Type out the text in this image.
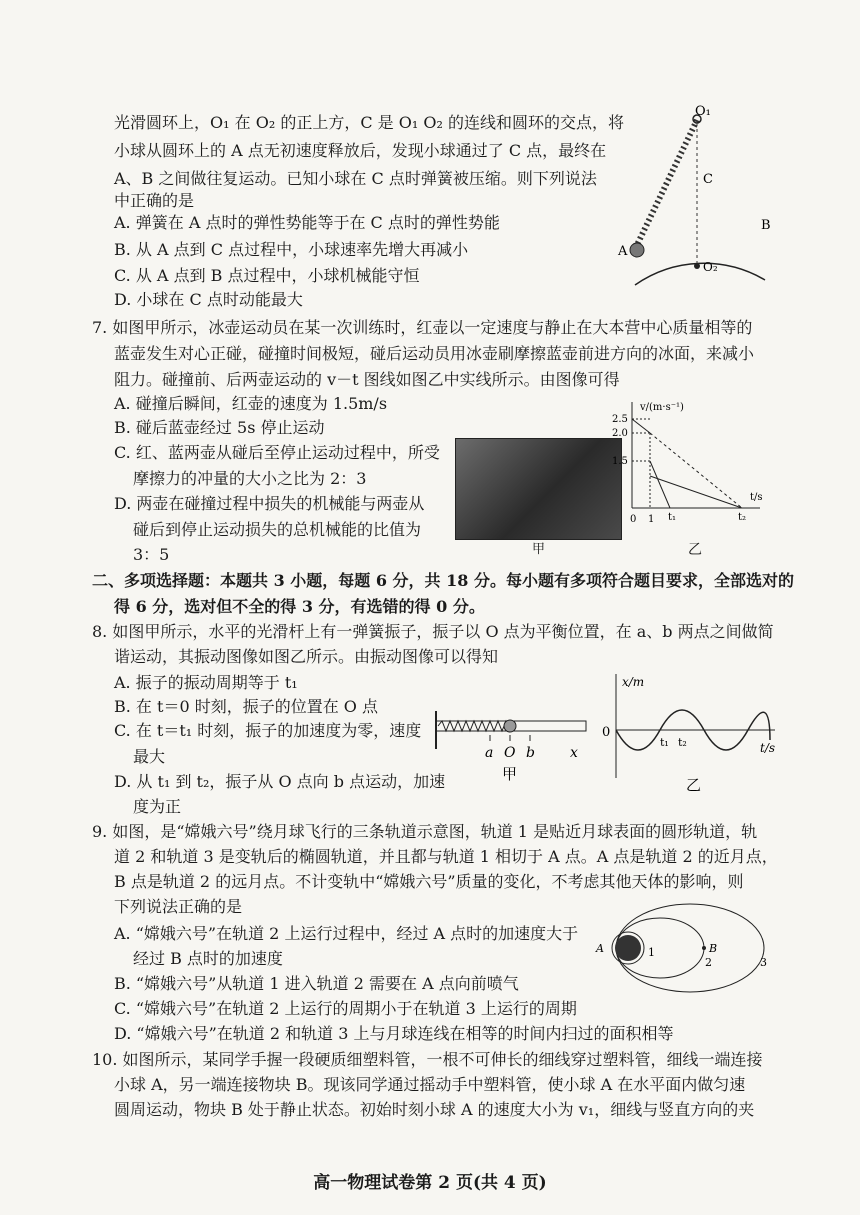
光滑圆环上，O₁ 在 O₂ 的正上方，C 是 O₁ O₂ 的连线和圆环的交点，将
小球从圆环上的 A 点无初速度释放后，发现小球通过了 C 点，最终在
A、B 之间做往复运动。已知小球在 C 点时弹簧被压缩。则下列说法
中正确的是
A. 弹簧在 A 点时的弹性势能等于在 C 点时的弹性势能
B. 从 A 点到 C 点过程中，小球速率先增大再减小
C. 从 A 点到 B 点过程中，小球机械能守恒
D. 小球在 C 点时动能最大
O₁
C
A
B
O₂
7. 如图甲所示，冰壶运动员在某一次训练时，红壶以一定速度与静止在大本营中心质量相等的
蓝壶发生对心正碰，碰撞时间极短，碰后运动员用冰壶刷摩擦蓝壶前进方向的冰面，来减小
阻力。碰撞前、后两壶运动的 v－t 图线如图乙中实线所示。由图像可得
A. 碰撞后瞬间，红壶的速度为 1.5m/s
B. 碰后蓝壶经过 5s 停止运动
C. 红、蓝两壶从碰后至停止运动过程中，所受
摩擦力的冲量的大小之比为 2：3
D. 两壶在碰撞过程中损失的机械能与两壶从
碰后到停止运动损失的总机械能的比值为
3：5	甲
v/(m·s⁻¹)
t/s
2.5
2.0
1.5
0 1 t₁	t₂
乙
二、多项选择题：本题共 3 小题，每题 6 分，共 18 分。每小题有多项符合题目要求，全部选对的
得 6 分，选对但不全的得 3 分，有选错的得 0 分。
8. 如图甲所示，水平的光滑杆上有一弹簧振子，振子以 O 点为平衡位置，在 a、b 两点之间做简
谐运动，其振动图像如图乙所示。由振动图像可以得知
A. 振子的振动周期等于 t₁
B. 在 t＝0 时刻，振子的位置在 O 点
C. 在 t＝t₁ 时刻，振子的加速度为零，速度
最大
D. 从 t₁ 到 t₂，振子从 O 点向 b 点运动，加速
度为正
a O b	x
甲
x/m
0
t/s
t₁ t₂
乙
9. 如图，是“嫦娥六号”绕月球飞行的三条轨道示意图，轨道 1 是贴近月球表面的圆形轨道，轨
道 2 和轨道 3 是变轨后的椭圆轨道，并且都与轨道 1 相切于 A 点。A 点是轨道 2 的近月点，
B 点是轨道 2 的远月点。不计变轨中“嫦娥六号”质量的变化，不考虑其他天体的影响，则
下列说法正确的是
A. “嫦娥六号”在轨道 2 上运行过程中，经过 A 点时的加速度大于
经过 B 点时的加速度
B. “嫦娥六号”从轨道 1 进入轨道 2 需要在 A 点向前喷气
C. “嫦娥六号”在轨道 2 上运行的周期小于在轨道 3 上运行的周期
D. “嫦娥六号”在轨道 2 和轨道 3 上与月球连线在相等的时间内扫过的面积相等
A	B
1
2	3
10. 如图所示，某同学手握一段硬质细塑料管，一根不可伸长的细线穿过塑料管，细线一端连接
小球 A，另一端连接物块 B。现该同学通过摇动手中塑料管，使小球 A 在水平面内做匀速
圆周运动，物块 B 处于静止状态。初始时刻小球 A 的速度大小为 v₁，细线与竖直方向的夹
高一物理试卷第 2 页(共 4 页)
